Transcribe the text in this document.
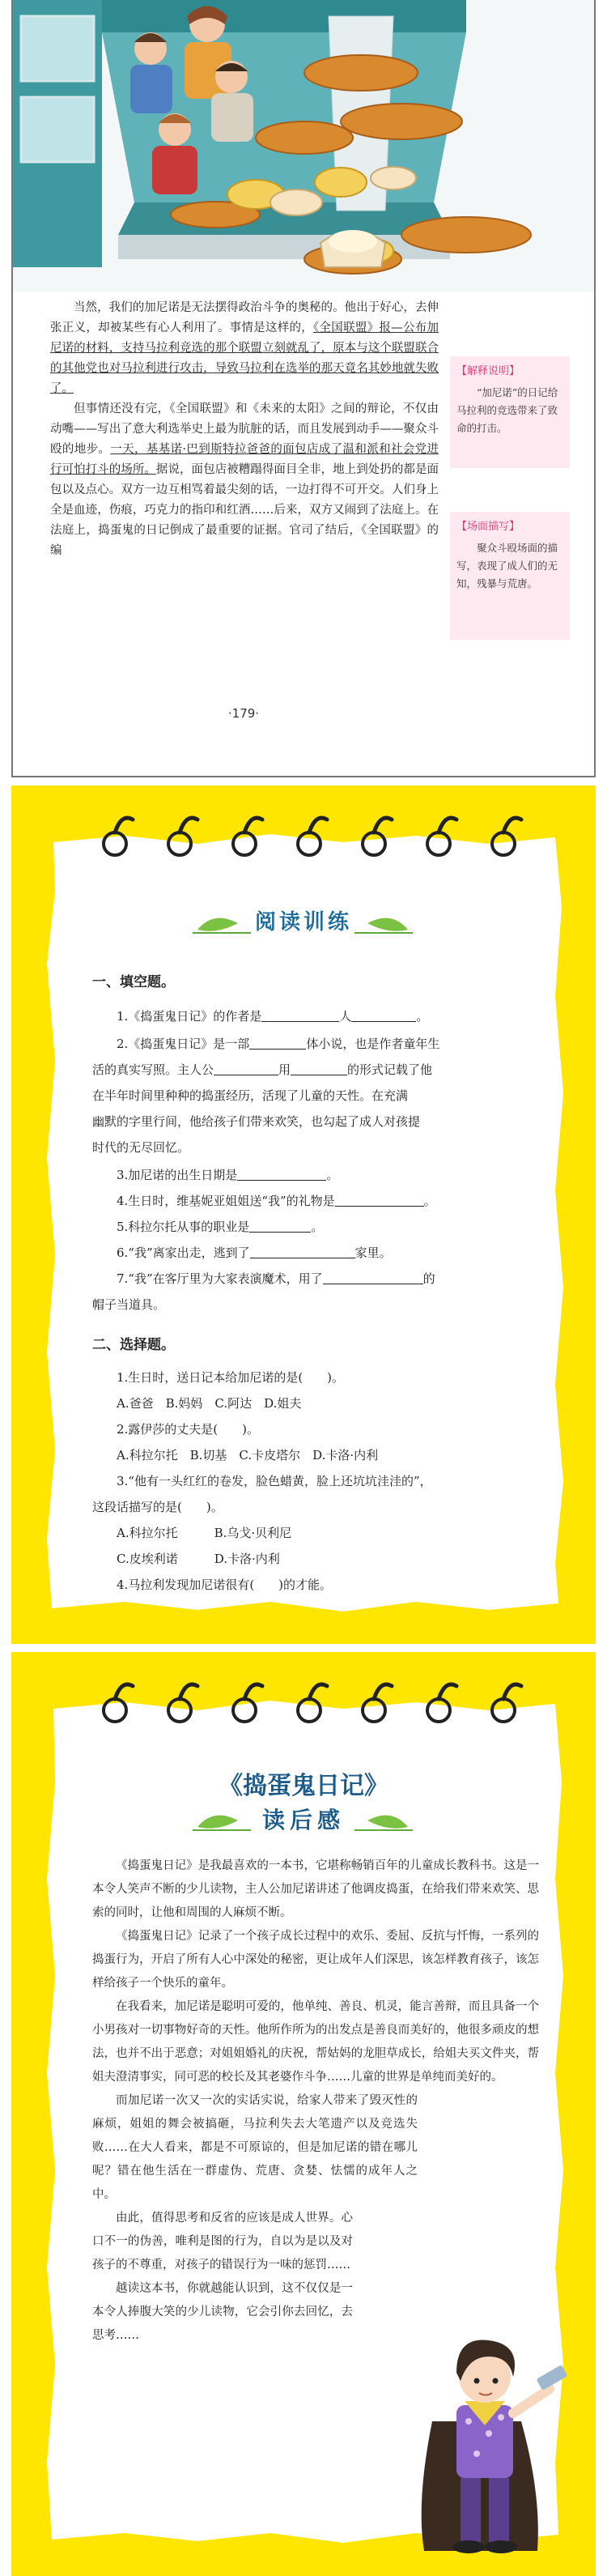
当然，我们的加尼诺是无法摆得政治斗争的奥秘的。他出于好心，去伸张正义，却被某些有心人利用了。事情是这样的，《全国联盟》报—公布加尼诺的材料，支持马拉利竞选的那个联盟立刻就乱了，原本与这个联盟联合的其他党也对马拉利进行攻击，导致马拉利在选举的那天竟名其妙地就失败了。

但事情还没有完，《全国联盟》和《未来的太阳》之间的辩论，不仅由动嘴——写出了意大利选举史上最为肮脏的话，而且发展到动手——聚众斗殴的地步。一天，基基诺·巴到斯特拉爸爸的面包店成了温和派和社会党进行可怕打斗的场所。据说，面包店被糟蹋得面目全非，地上到处扔的都是面包以及点心。双方一边互相骂着最尖刻的话，一边打得不可开交。人们身上全是血迹，伤痕，巧克力的指印和红酒……后来，双方又闹到了法庭上。在法庭上，捣蛋鬼的日记倒成了最重要的证据。官司了结后，《全国联盟》的编

【解释说明】
“加尼诺”的日记给马拉利的竞选带来了致命的打击。
【场面描写】
聚众斗殴场面的描写，表现了成人们的无知，残暴与荒唐。
·179·
阅读训练
一、填空题。
1.《捣蛋鬼日记》的作者是	人	。
2.《捣蛋鬼日记》是一部	体小说，也是作者童年生
活的真实写照。主人公	用	的形式记载了他
在半年时间里种种的捣蛋经历，活现了儿童的天性。在充满
幽默的字里行间，他给孩子们带来欢笑，也勾起了成人对孩提
时代的无尽回忆。
3.加尼诺的出生日期是	。
4.生日时，维基妮亚姐姐送“我”的礼物是	。
5.科拉尔托从事的职业是	。
6.“我”离家出走，逃到了	家里。
7.“我”在客厅里为大家表演魔术，用了	的
帽子当道具。
二、选择题。
1.生日时，送日记本给加尼诺的是(　　)。
A.爸爸　B.妈妈　C.阿达　D.姐夫
2.露伊莎的丈夫是(　　)。
A.科拉尔托　B.切基　C.卡皮塔尔　D.卡洛·内利
3.“他有一头红红的卷发，脸色蜡黄，脸上还坑坑洼洼的”，
这段话描写的是(　　)。
A.科拉尔托　　　B.乌戈·贝利尼
C.皮埃利诺　　　D.卡洛·内利
4.马拉利发现加尼诺很有(　　)的才能。
《捣蛋鬼日记》
读后感

《捣蛋鬼日记》是我最喜欢的一本书，它堪称畅销百年的儿童成长教科书。这是一本令人笑声不断的少儿读物，主人公加尼诺讲述了他调皮捣蛋，在给我们带来欢笑、思索的同时，让他和周围的人麻烦不断。

《捣蛋鬼日记》记录了一个孩子成长过程中的欢乐、委屈、反抗与忏悔，一系列的捣蛋行为，开启了所有人心中深处的秘密，更让成年人们深思，该怎样教育孩子，该怎样给孩子一个快乐的童年。

在我看来，加尼诺是聪明可爱的，他单纯、善良、机灵，能言善辩，而且具备一个小男孩对一切事物好奇的天性。他所作所为的出发点是善良而美好的，他很多顽皮的想法，也并不出于恶意；对姐姐婚礼的庆祝，帮姑妈的龙胆草成长，给姐夫买文件夹，帮姐夫澄清事实，同可恶的校长及其老婆作斗争……儿童的世界是单纯而美好的。

而加尼诺一次又一次的实话实说，给家人带来了毁灭性的麻烦，姐姐的舞会被搞砸，马拉利失去大笔遗产以及竞选失败……在大人看来，都是不可原谅的，但是加尼诺的错在哪儿呢？错在他生活在一群虚伪、荒唐、贪婪、怯懦的成年人之中。

由此，值得思考和反省的应该是成人世界。心口不一的伪善，唯利是图的行为，自以为是以及对孩子的不尊重，对孩子的错误行为一味的惩罚……

越读这本书，你就越能认识到，这不仅仅是一本令人捧腹大笑的少儿读物，它会引你去回忆，去思考……
